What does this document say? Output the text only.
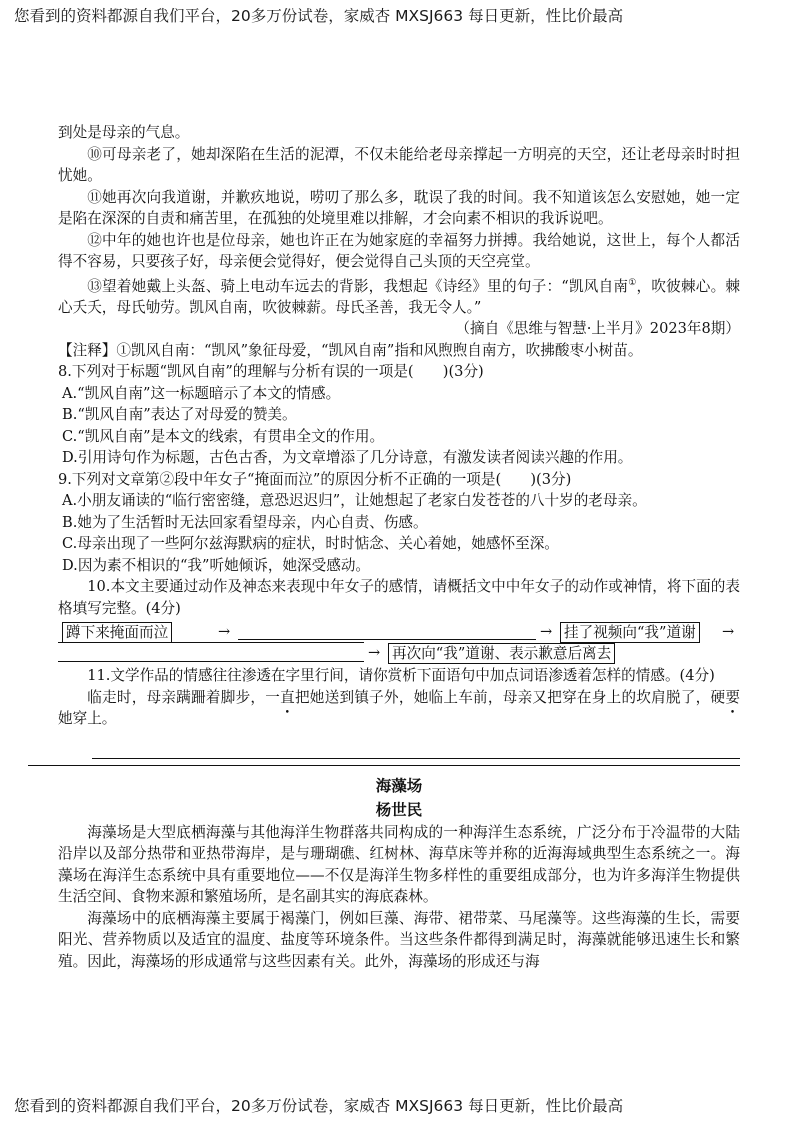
您看到的资料都源自我们平台，20多万份试卷，家威杏 MXSJ663 每日更新，性比价最高

到处是母亲的气息。

⑩可母亲老了，她却深陷在生活的泥潭，不仅未能给老母亲撑起一方明亮的天空，还让老母亲时时担忧她。

⑪她再次向我道谢，并歉疚地说，唠叨了那么多，耽误了我的时间。我不知道该怎么安慰她，她一定是陷在深深的自责和痛苦里，在孤独的处境里难以排解，才会向素不相识的我诉说吧。

⑫中年的她也许也是位母亲，她也许正在为她家庭的幸福努力拼搏。我给她说，这世上，每个人都活得不容易，只要孩子好，母亲便会觉得好，便会觉得自己头顶的天空亮堂。

⑬望着她戴上头盔、骑上电动车远去的背影，我想起《诗经》里的句子：“凯风自南①，吹彼棘心。棘心夭夭，母氏劬劳。凯风自南，吹彼棘薪。母氏圣善，我无令人。”

（摘自《思维与智慧·上半月》2023年8期）

【注释】①凯风自南：“凯风”象征母爱，“凯风自南”指和风煦煦自南方，吹拂酸枣小树苗。

8.下列对于标题“凯风自南”的理解与分析有误的一项是(　　)(3分)

A.“凯风自南”这一标题暗示了本文的情感。

B.“凯风自南”表达了对母爱的赞美。

C.“凯风自南”是本文的线索，有贯串全文的作用。

D.引用诗句作为标题，古色古香，为文章增添了几分诗意，有激发读者阅读兴趣的作用。

9.下列对文章第②段中年女子“掩面而泣”的原因分析不正确的一项是(　　)(3分)

A.小朋友诵读的“临行密密缝，意恐迟迟归”，让她想起了老家白发苍苍的八十岁的老母亲。

B.她为了生活暂时无法回家看望母亲，内心自责、伤感。

C.母亲出现了一些阿尔兹海默病的症状，时时惦念、关心着她，她感怀至深。

D.因为素不相识的“我”听她倾诉，她深受感动。

10.本文主要通过动作及神态来表现中年女子的感情，请概括文中中年女子的动作或神情，将下面的表格填写完整。(4分)

蹲下来掩面而泣	→	→ 挂了视频向“我”道谢 →
→ 再次向“我”道谢、表示歉意后离去

11.文学作品的情感往往渗透在字里行间，请你赏析下面语句中加点词语渗透着怎样的情感。(4分)

临走时，母亲蹒跚着脚步，一直把她送到镇子外，她临上车前，母亲又把穿在身上的坎肩脱了，硬要她穿上。

海藻场

杨世民

海藻场是大型底栖海藻与其他海洋生物群落共同构成的一种海洋生态系统，广泛分布于冷温带的大陆沿岸以及部分热带和亚热带海岸，是与珊瑚礁、红树林、海草床等并称的近海海域典型生态系统之一。海藻场在海洋生态系统中具有重要地位——不仅是海洋生物多样性的重要组成部分，也为许多海洋生物提供生活空间、食物来源和繁殖场所，是名副其实的海底森林。

海藻场中的底栖海藻主要属于褐藻门，例如巨藻、海带、裙带菜、马尾藻等。这些海藻的生长，需要阳光、营养物质以及适宜的温度、盐度等环境条件。当这些条件都得到满足时，海藻就能够迅速生长和繁殖。因此，海藻场的形成通常与这些因素有关。此外，海藻场的形成还与海

您看到的资料都源自我们平台，20多万份试卷，家威杏 MXSJ663 每日更新，性比价最高
